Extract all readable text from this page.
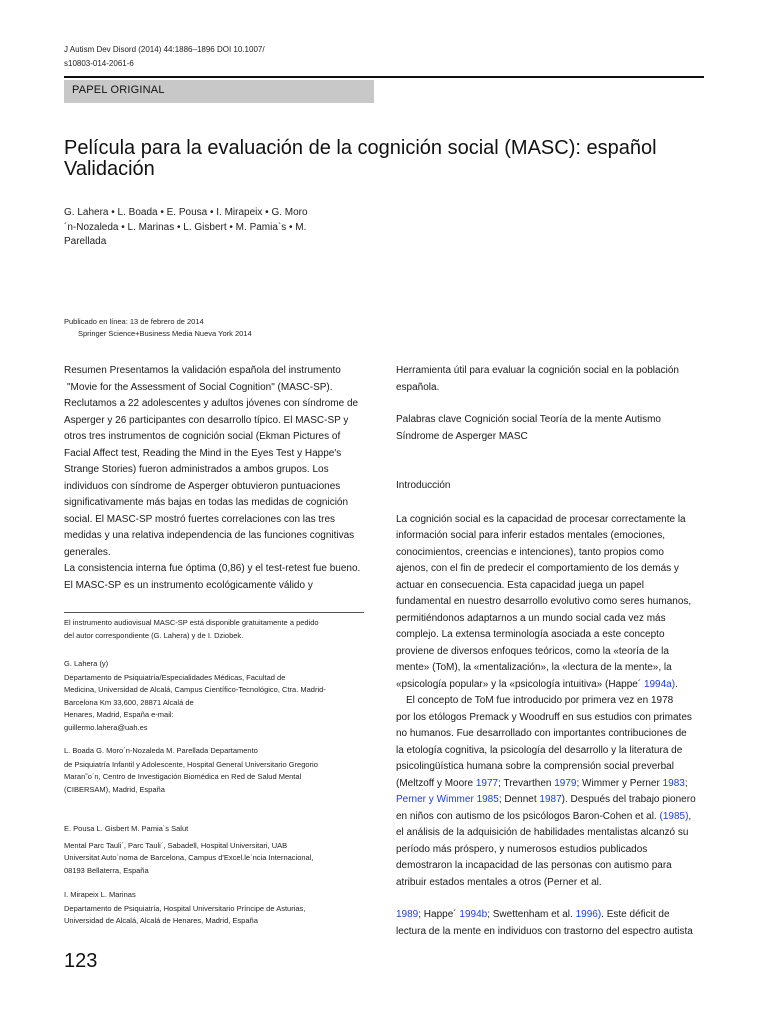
J Autism Dev Disord (2014) 44:1886–1896 DOI 10.1007/
s10803-014-2061-6
PAPEL ORIGINAL
Película para la evaluación de la cognición social (MASC): español
Validación
G. Lahera • L. Boada • E. Pousa • I. Mirapeix • G. Moro
´n-Nozaleda • L. Marinas • L. Gisbert • M. Pamia`s • M.
Parellada
Publicado en línea: 13 de febrero de 2014
Springer Science+Business Media Nueva York 2014
Resumen Presentamos la validación española del instrumento
"Movie for the Assessment of Social Cognition" (MASC-SP).
Reclutamos a 22 adolescentes y adultos jóvenes con síndrome de
Asperger y 26 participantes con desarrollo típico. El MASC-SP y
otros tres instrumentos de cognición social (Ekman Pictures of
Facial Affect test, Reading the Mind in the Eyes Test y Happe's
Strange Stories) fueron administrados a ambos grupos. Los
individuos con síndrome de Asperger obtuvieron puntuaciones
significativamente más bajas en todas las medidas de cognición
social. El MASC-SP mostró fuertes correlaciones con las tres
medidas y una relativa independencia de las funciones cognitivas
generales.
La consistencia interna fue óptima (0,86) y el test-retest fue bueno.
El MASC-SP es un instrumento ecológicamente válido y
El instrumento audiovisual MASC-SP está disponible gratuitamente a pedido
del autor correspondiente (G. Lahera) y de I. Dziobek.
G. Lahera (y)
Departamento de Psiquiatría/Especialidades Médicas, Facultad de
Medicina, Universidad de Alcalá, Campus Científico-Tecnológico, Ctra. Madrid-
Barcelona Km 33,600, 28871 Alcalá de
Henares, Madrid, España e-mail:
guillermo.lahera@uah.es
L. Boada G. Moro´n-Nozaleda M. Parellada Departamento
de Psiquiatría Infantil y Adolescente, Hospital General Universitario Gregorio
Maran˜o´n, Centro de Investigación Biomédica en Red de Salud Mental
(CIBERSAM), Madrid, España
E. Pousa L. Gisbert M. Pamia`s Salut
Mental Parc Tauli´, Parc Tauli´, Sabadell, Hospital Universitari, UAB
Universitat Auto`noma de Barcelona, Campus d'Excel.le`ncia Internacional,
08193 Bellaterra, España
I. Mirapeix L. Marinas
Departamento de Psiquiatría, Hospital Universitario Príncipe de Asturias,
Universidad de Alcalá, Alcalá de Henares, Madrid, España
Herramienta útil para evaluar la cognición social en la población
española.
Palabras clave Cognición social Teoría de la mente Autismo
Síndrome de Asperger MASC
Introducción
La cognición social es la capacidad de procesar correctamente la
información social para inferir estados mentales (emociones,
conocimientos, creencias e intenciones), tanto propios como
ajenos, con el fin de predecir el comportamiento de los demás y
actuar en consecuencia. Esta capacidad juega un papel
fundamental en nuestro desarrollo evolutivo como seres humanos,
permitiéndonos adaptarnos a un mundo social cada vez más
complejo. La extensa terminología asociada a este concepto
proviene de diversos enfoques teóricos, como la «teoría de la
mente» (ToM), la «mentalización», la «lectura de la mente», la
«psicología popular» y la «psicología intuitiva» (Happe´ 1994a).
El concepto de ToM fue introducido por primera vez en 1978
por los etólogos Premack y Woodruff en sus estudios con primates
no humanos. Fue desarrollado con importantes contribuciones de
la etología cognitiva, la psicología del desarrollo y la literatura de
psicolingüística humana sobre la comprensión social preverbal
(Meltzoff y Moore 1977; Trevarthen 1979; Wimmer y Perner 1983;
Perner y Wimmer 1985; Dennet 1987). Después del trabajo pionero
en niños con autismo de los psicólogos Baron-Cohen et al. (1985),
el análisis de la adquisición de habilidades mentalistas alcanzó su
período más próspero, y numerosos estudios publicados
demostraron la incapacidad de las personas con autismo para
atribuir estados mentales a otros (Perner et al.
1989; Happe´ 1994b; Swettenham et al. 1996). Este déficit de
lectura de la mente en individuos con trastorno del espectro autista
123
